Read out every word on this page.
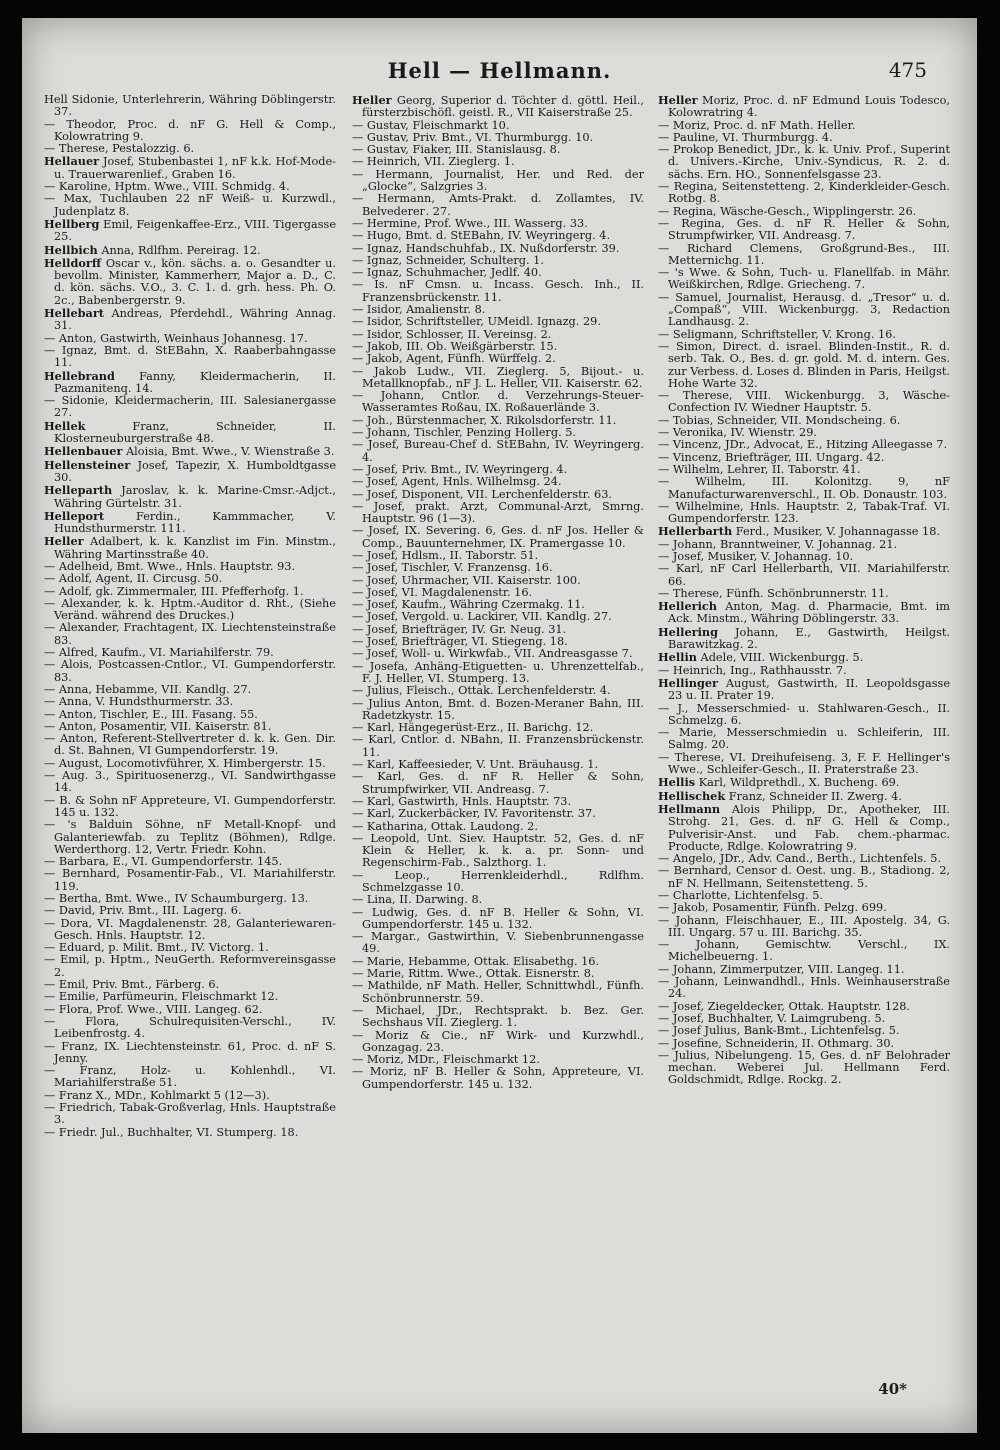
Hell — Hellmann.	475
Hell Sidonie, Unterlehrerin, Währing Döblingerstr. 37.
— Theodor, Proc. d. nF G. Hell & Comp., Kolowratring 9.
— Therese, Pestalozzig. 6.
Hellauer Josef, Stubenbastei 1, nF k.k. Hof-Mode- u. Trauerwarenlief., Graben 16.
— Karoline, Hptm. Wwe., VIII. Schmidg. 4.
— Max, Tuchlauben 22 nF Weiß- u. Kurzwdl., Judenplatz 8.
Hellberg Emil, Feigenkaffee-Erz., VIII. Tigergasse 25.
Hellbich Anna, Rdlfhm. Pereirag. 12.
Helldorff Oscar v., kön. sächs. a. o. Gesandter u. bevollm. Minister, Kammerherr, Major a. D., C. d. kön. sächs. V.O., 3. C. 1. d. grh. hess. Ph. O. 2c., Babenbergerstr. 9.
Hellebart Andreas, Pferdehdl., Währing Annag. 31.
— Anton, Gastwirth, Weinhaus Johannesg. 17.
— Ignaz, Bmt. d. StEBahn, X. Raaberbahngasse 11.
Hellebrand Fanny, Kleidermacherin, II. Pazmanitenq. 14.
— Sidonie, Kleidermacherin, III. Salesianergasse 27.
Hellek	Franz, Schneider, II. Klosterneuburgerstraße 48.
Hellenbauer Aloisia, Bmt. Wwe., V. Wienstraße 3.
Hellensteiner Josef, Tapezir, X. Humboldtgasse 30.
Helleparth Jaroslav, k. k. Marine-Cmsr.-Adjct., Währing Gürtelstr. 31.
Helleport	Ferdin., Kammmacher, V. Hundsthurmerstr. 111.
Heller Adalbert, k. k. Kanzlist im Fin. Minstm., Währing Martinsstraße 40.
— Adelheid, Bmt. Wwe., Hnls. Hauptstr. 93.
— Adolf, Agent, II. Circusg. 50.
— Adolf, gk. Zimmermaler, III. Pfefferhofg. 1.
— Alexander, k. k. Hptm.-Auditor d. Rht., (Siehe Veränd. während des Druckes.)
— Alexander, Frachtagent, IX. Liechtensteinstraße 83.
— Alfred, Kaufm., VI. Mariahilferstr. 79.
— Alois, Postcassen-Cntlor., VI. Gumpendorferstr. 83.
— Anna, Hebamme, VII. Kandlg. 27.
— Anna, V. Hundsthurmerstr. 33.
— Anton, Tischler, E., III. Fasang. 55.
— Anton, Posamentir, VII. Kaiserstr. 81.
— Anton, Referent-Stellvertreter d. k. k. Gen. Dir. d. St. Bahnen, VI Gumpendorferstr. 19.
— August, Locomotivführer, X. Himbergerstr. 15.
— Aug. 3., Spirituosenerzg., VI. Sandwirthgasse 14.
— B. & Sohn nF Appreteure, VI. Gumpendorferstr. 145 u. 132.
— 's Balduin Söhne, nF Metall-Knopf- und Galanteriewfab. zu Teplitz (Böhmen), Rdlge. Werderthorg. 12, Vertr. Friedr. Kohn.
— Barbara, E., VI. Gumpendorferstr. 145.
— Bernhard, Posamentir-Fab., VI. Mariahilferstr. 119.
— Bertha, Bmt. Wwe., IV Schaumburgerg. 13.
— David, Priv. Bmt., III. Lagerg. 6.
— Dora, VI. Magdalenenstr. 28, Galanteriewaren-Gesch. Hnls. Hauptstr. 12.
— Eduard, p. Milit. Bmt., IV. Victorg. 1.
— Emil, p. Hptm., NeuGerth. Reformvereinsgasse 2.
— Emil, Priv. Bmt., Färberg. 6.
— Emilie, Parfümeurin, Fleischmarkt 12.
— Flora, Prof. Wwe., VIII. Langeg. 62.
— Flora, Schulrequisiten-Verschl., IV. Leibenfrostg. 4.
— Franz, IX. Liechtensteinstr. 61, Proc. d. nF S. Jenny.
— Franz, Holz- u. Kohlenhdl., VI. Mariahilferstraße 51.
— Franz X., MDr., Kohlmarkt 5 (12—3).
— Friedrich, Tabak-Großverlag, Hnls. Hauptstraße 3.
— Friedr. Jul., Buchhalter, VI. Stumperg. 18.
Heller Georg, Superior d. Töchter d. göttl. Heil., fürsterzbischöfl. geistl. R., VII Kaiserstraße 25.
— Gustav, Fleischmarkt 10.
— Gustav, Priv. Bmt., VI. Thurmburgg. 10.
— Gustav, Fiaker, III. Stanislausg. 8.
— Heinrich, VII. Zieglerg. 1.
— Hermann, Journalist, Her. und Red. der „Glocke“, Salzgries 3.
— Hermann, Amts-Prakt. d. Zollamtes, IV. Belvederег. 27.
— Hermine, Prof. Wwe., III. Wasserg. 33.
— Hugo, Bmt. d. StEBahn, IV. Weyringerg. 4.
— Ignaz, Handschuhfab., IX. Nußdorferstr. 39.
— Ignaz, Schneider, Schulterg. 1.
— Ignaz, Schuhmacher, Jedlf. 40.
— Is. nF Cmsn. u. Incass. Gesch. Inh., II. Franzensbrückenstr. 11.
— Isidor, Amalienstr. 8.
— Isidor, Schriftsteller, UMeidl. Ignazg. 29.
— Isidor, Schlosser, II. Vereinsg. 2.
— Jakob, III. Ob. Weißgärberstr. 15.
— Jakob, Agent, Fünfh. Würffelg. 2.
— Jakob Ludw., VII. Zieglerg. 5, Bijout.- u. Metallknopfab., nF J. L. Heller, VII. Kaiserstr. 62.
— Johann, Cntlor. d. Verzehrungs-Steuer-Wasseramtes Roßau, IX. Roßauerlände 3.
— Joh., Bürstenmacher, X. Rikolsdorferstr. 11.
— Johann, Tischler, Penzing Hollerg. 5.
— Josef, Bureau-Chef d. StEBahn, IV. Weyringerg. 4.
— Josef, Priv. Bmt., IV. Weyringerg. 4.
— Josef, Agent, Hnls. Wilhelmsg. 24.
— Josef, Disponent, VII. Lerchenfelderstr. 63.
— Josef, prakt. Arzt, Communal-Arzt, Smrng. Hauptstr. 96 (1—3).
— Josef, IX. Severing. 6, Ges. d. nF Jos. Heller & Comp., Bauunternehmer, IX. Pramergasse 10.
— Josef, Hdlsm., II. Taborstr. 51.
— Josef, Tischler, V. Franzensg. 16.
— Josef, Uhrmacher, VII. Kaiserstr. 100.
— Josef, VI. Magdalenenstr. 16.
— Josef, Kaufm., Währing Czermakg. 11.
— Josef, Vergold. u. Lackirer, VII. Kandlg. 27.
— Josef, Briefträger, IV. Gr. Neug. 31.
— Josef, Briefträger, VI. Stiegeng. 18.
— Josef, Woll- u. Wirkwfab., VII. Andreasgasse 7.
— Josefa, Anhäng-Etiguetten- u. Uhrenzettelfab., F. J. Heller, VI. Stumperg. 13.
— Julius, Fleisch., Ottak. Lerchenfelderstr. 4.
— Julius Anton, Bmt. d. Bozen-Meraner Bahn, III. Radetzkystr. 15.
— Karl, Hängegerüst-Erz., II. Barichg. 12.
— Karl, Cntlor. d. NBahn, II. Franzensbrückenstr. 11.
— Karl, Kaffeesieder, V. Unt. Bräuhausg. 1.
— Karl, Ges. d. nF R. Heller & Sohn, Strumpfwirker, VII. Andreasg. 7.
— Karl, Gastwirth, Hnls. Hauptstr. 73.
— Karl, Zuckerbäcker, IV. Favoritenstr. 37.
— Katharina, Ottak. Laudong. 2.
— Leopold, Unt. Siev. Hauptstr. 52, Ges. d. nF Klein & Heller, k. k. a. pr. Sonn- und Regenschirm-Fab., Salzthorg. 1.
— Leop., Herrenkleiderhdl., Rdlfhm. Schmelzgasse 10.
— Lina, II. Darwing. 8.
— Ludwig, Ges. d. nF B. Heller & Sohn, VI. Gumpendorferstr. 145 u. 132.
— Margar., Gastwirthin, V. Siebenbrunnengasse 49.
— Marie, Hebamme, Ottak. Elisabethg. 16.
— Marie, Rittm. Wwe., Ottak. Eisnerstr. 8.
— Mathilde, nF Math. Heller, Schnittwhdl., Fünfh. Schönbrunnerstr. 59.
— Michael, JDr., Rechtsprakt. b. Bez. Ger. Sechshaus VII. Zieglerg. 1.
— Moriz & Cie., nF Wirk- und Kurzwhdl., Gonzagag. 23.
— Moriz, MDr., Fleischmarkt 12.
— Moriz, nF B. Heller & Sohn, Appreteure, VI. Gumpendorferstr. 145 u. 132.
Heller Moriz, Proc. d. nF Edmund Louis Todesco, Kolowratring 4.
— Moriz, Proc. d. nF Math. Heller.
— Pauline, VI. Thurmburgg. 4.
— Prokop Benedict, JDr., k. k. Univ. Prof., Superint d. Univers.-Kirche, Univ.-Syndicus, R. 2. d. sächs. Ern. HO., Sonnenfelsgasse 23.
— Regina, Seitenstetteng. 2, Kinderkleider-Gesch. Rotbg. 8.
— Regina, Wäsche-Gesch., Wipplingerstr. 26.
— Regina, Ges. d. nF R. Heller & Sohn, Strumpfwirker, VII. Andreasg. 7.
— Richard Clemens, Großgrund-Bes., III. Metternichg. 11.
— 's Wwe. & Sohn, Tuch- u. Flanellfab. in Mähr. Weißkirchen, Rdlge. Griecheng. 7.
— Samuel, Journalist, Herausg. d. „Tresor“ u. d. „Compaß“, VIII. Wickenburgg. 3, Redaction Landhausg. 2.
— Seligmann, Schriftsteller, V. Krong. 16.
— Simon, Direct. d. israel. Blinden-Instit., R. d. serb. Tak. O., Bes. d. gr. gold. M. d. intern. Ges. zur Verbess. d. Loses d. Blinden in Paris, Heilgst. Hohe Warte 32.
— Therese, VIII. Wickenburgg. 3, Wäsche-Confection IV. Wiedner Hauptstr. 5.
— Tobias, Schneider, VII. Mondscheing. 6.
— Veronika, IV. Wienstr. 29.
— Vincenz, JDr., Advocat, E., Hitzing Alleegasse 7.
— Vincenz, Briefträger, III. Ungarg. 42.
— Wilhelm, Lehrer, II. Taborstr. 41.
— Wilhelm, III. Kolonitzg. 9, nF Manufacturwarenverschl., II. Ob. Donaustr. 103.
— Wilhelmine, Hnls. Hauptstr. 2, Tabak-Traf. VI. Gumpendorferstr. 123.
Hellerbarth Ferd., Musiker, V. Johannagasse 18.
— Johann, Branntweiner, V. Johannag. 21.
— Josef, Musiker, V. Johannag. 10.
— Karl, nF Carl Hellerbarth, VII. Mariahilferstr. 66.
— Therese, Fünfh. Schönbrunnerstr. 11.
Hellerich Anton, Mag. d. Pharmacie, Bmt. im Ack. Minstm., Währing Döblingerstr. 33.
Hellering Johann, E., Gastwirth, Heilgst. Barawitzkag. 2.
Hellin Adele, VIII. Wickenburgg. 5.
— Heinrich, Ing., Rathhausstr. 7.
Hellinger August, Gastwirth, II. Leopoldsgasse 23 u. II. Prater 19.
— J., Messerschmied- u. Stahlwaren-Gesch., II. Schmelzg. 6.
— Marie, Messerschmiedin u. Schleiferin, III. Salmg. 20.
— Therese, VI. Dreihufeiseng. 3, F. F. Hellinger's Wwe., Schleifer-Gesch., II. Praterstraße 23.
Hellis Karl, Wildprethdl., X. Bucheng. 69.
Hellischek Franz, Schneider II. Zwerg. 4.
Hellmann Alois Philipp, Dr., Apotheker, III. Strohg. 21, Ges. d. nF G. Hell & Comp., Pulverisir-Anst. und Fab. chem.-pharmac. Producte, Rdlge. Kolowratring 9.
— Angelo, JDr., Adv. Cand., Berth., Lichtenfels. 5.
— Bernhard, Censor d. Oest. ung. B., Stadiong. 2, nF N. Hellmann, Seitenstetteng. 5.
— Charlotte, Lichtenfelsg. 5.
— Jakob, Posamentir, Fünfh. Pelzg. 699.
— Johann, Fleischhauer, E., III. Apostelg. 34, G. III. Ungarg. 57 u. III. Barichg. 35.
— Johann, Gemischtw. Verschl., IX. Michelbeuerng. 1.
— Johann, Zimmerputzer, VIII. Langeg. 11.
— Johann, Leinwandhdl., Hnls. Weinhauserstraße 24.
— Josef, Ziegeldecker, Ottak. Hauptstr. 128.
— Josef, Buchhalter, V. Laimgrubeng. 5.
— Josef Julius, Bank-Bmt., Lichtenfelsg. 5.
— Josefine, Schneiderin, II. Othmarg. 30.
— Julius, Nibelungeng. 15, Ges. d. nF Belohrader mechan. Weberei Jul. Hellmann Ferd. Goldschmidt, Rdlge. Rockg. 2.
40*
